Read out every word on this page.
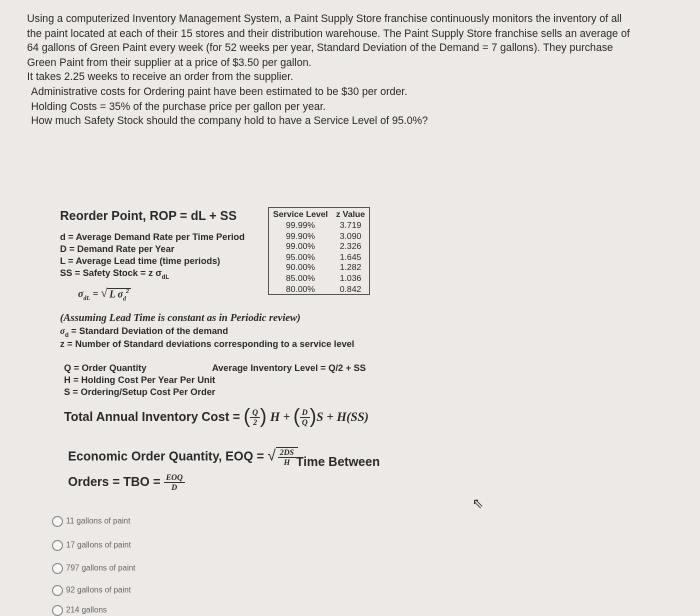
Using a computerized Inventory Management System, a Paint Supply Store franchise continuously monitors the inventory of all
the paint located at each of their 15 stores and their distribution warehouse. The Paint Supply Store franchise sells an average of
64 gallons of Green Paint every week (for 52 weeks per year, Standard Deviation of the Demand = 7 gallons). They purchase
Green Paint from their supplier at a price of $3.50 per gallon.
It takes 2.25 weeks to receive an order from the supplier.
Administrative costs for Ordering paint have been estimated to be $30 per order.
Holding Costs = 35% of the purchase price per gallon per year.
How much Safety Stock should the company hold to have a Service Level of 95.0%?
Reorder Point, ROP = dL + SS
d = Average Demand Rate per Time Period
D = Demand Rate per Year
L = Average Lead time (time periods)
SS = Safety Stock = z $\sigma_{dL}$
Service Level	z Value
99.99%	3.719
99.90%	3.090
99.00%	2.326
95.00%	1.645
90.00%	1.282
85.00%	1.036
80.00%	0.842
$\sigma_{dL}$ = √ L $\sigma_d^2$
(Assuming Lead Time is constant as in Periodic review)
$\sigma_d$ = Standard Deviation of the demand
z = Number of Standard deviations corresponding to a service level
Q = Order Quantity	Average Inventory Level = Q/2 + SS
H = Holding Cost Per Year Per Unit
S = Ordering/Setup Cost Per Order
Total Annual Inventory Cost = ( $\frac{Q}{2}$ ) H + ( $\frac{D}{Q} )S + H(SS)$
Economic Order Quantity, EOQ = √ $\frac{2DS}{H}$
Time Between
Orders = TBO = $\frac{\text{EOQ}}{D}$
11 gallons of paint
17 gallons of paint
797 gallons of paint
92 gallons of paint
214 gallons
⇖
